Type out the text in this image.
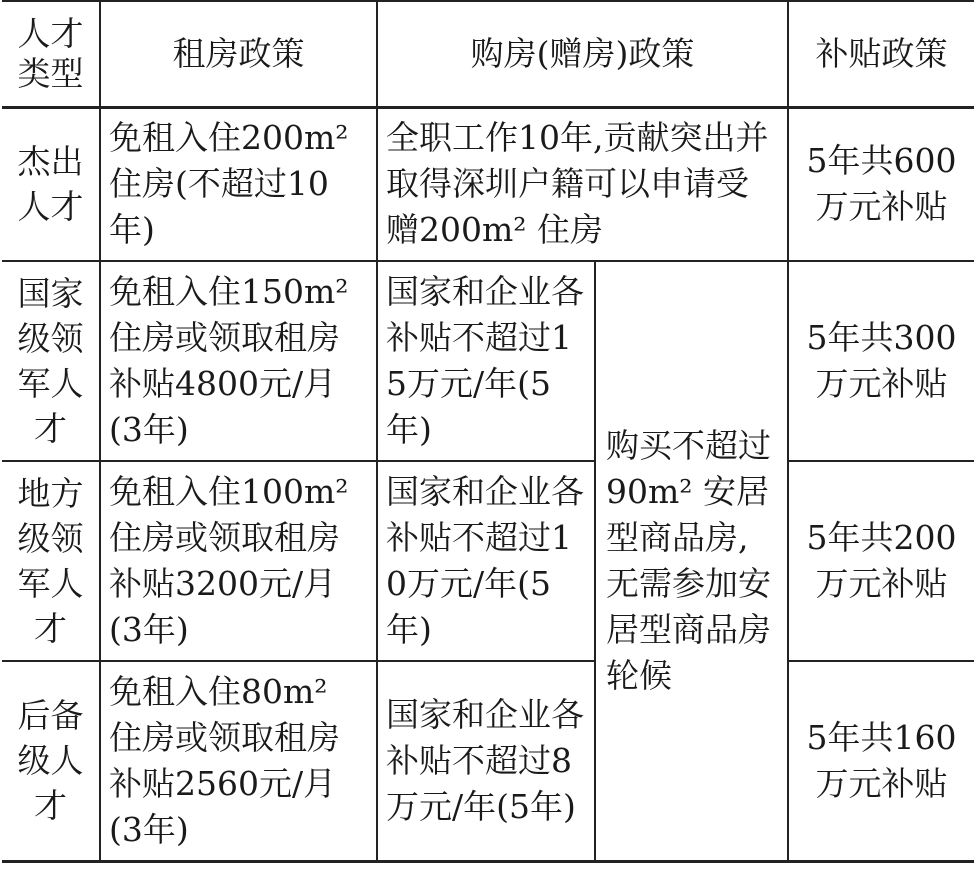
人才类型	租房政策	购房(赠房)政策		补贴政策
杰出人才	免租入住200m² 住房(不超过10年)	全职工作10年,贡献突出并取得深圳户籍可以申请受赠200m² 住房		5年共600万元补贴
国家级领军人才	免租入住150m² 住房或领取租房补贴4800元/月(3年)	国家和企业各补贴不超过15万元/年(5年)	购买不超过90m² 安居型商品房,无需参加安居型商品房轮候	5年共300万元补贴
地方级领军人才	免租入住100m² 住房或领取租房补贴3200元/月(3年)	国家和企业各补贴不超过10万元/年(5年)		5年共200万元补贴
后备级人才	免租入住80m² 住房或领取租房补贴2560元/月(3年)	国家和企业各补贴不超过8万元/年(5年)		5年共160万元补贴
